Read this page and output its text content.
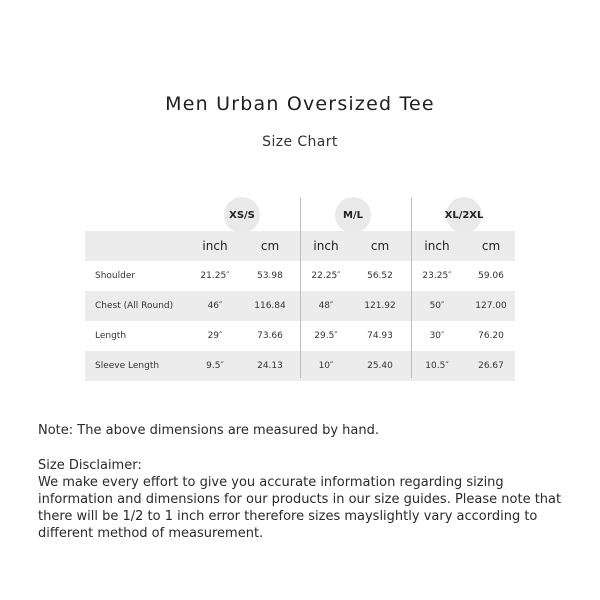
Men Urban Oversized Tee
Size Chart
XS/S	M/L	XL/2XL
inch	cm	inch	cm	inch	cm
Shoulder	21.25″	53.98	22.25″	56.52	23.25″	59.06
Chest (All Round)	46″	116.84	48″	121.92	50″	127.00
Length	29″	73.66	29.5″	74.93	30″	76.20
Sleeve Length	9.5″	24.13	10″	25.40	10.5″	26.67

Note: The above dimensions are measured by hand.

Size Disclaimer:

We make every effort to give you accurate information regarding sizing information and dimensions for our products in our size guides. Please note that there will be 1/2 to 1 inch error therefore sizes mayslightly vary according to different method of measurement.
